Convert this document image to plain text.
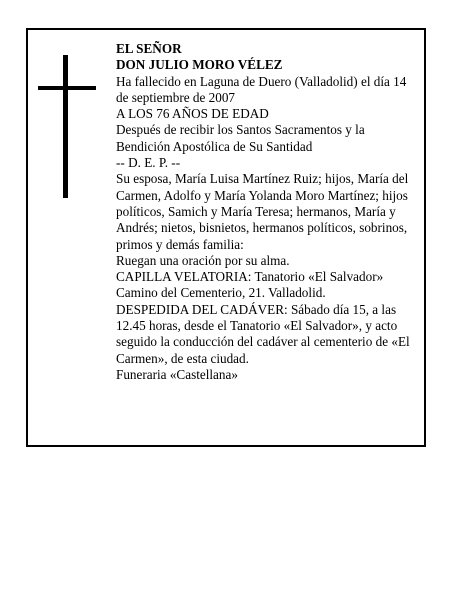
EL SEÑOR

DON JULIO MORO VÉLEZ

Ha fallecido en Laguna de Duero (Valladolid) el día 14 de septiembre de 2007

A LOS 76 AÑOS DE EDAD

Después de recibir los Santos Sacramentos y la Bendición Apostólica de Su Santidad

-- D. E. P. --

Su esposa, María Luisa Martínez Ruiz; hijos, María del Carmen, Adolfo y María Yolanda Moro Martínez; hijos políticos, Samich y María Teresa; hermanos, María y Andrés; nietos, bisnietos, hermanos políticos, sobrinos, primos y demás familia:

Ruegan una oración por su alma.

CAPILLA VELATORIA: Tanatorio «El Salvador» Camino del Cementerio, 21. Valladolid.

DESPEDIDA DEL CADÁVER: Sábado día 15, a las 12.45 horas, desde el Tanatorio «El Salvador», y acto seguido la conducción del cadáver al cementerio de «El Carmen», de esta ciudad.

Funeraria «Castellana»
